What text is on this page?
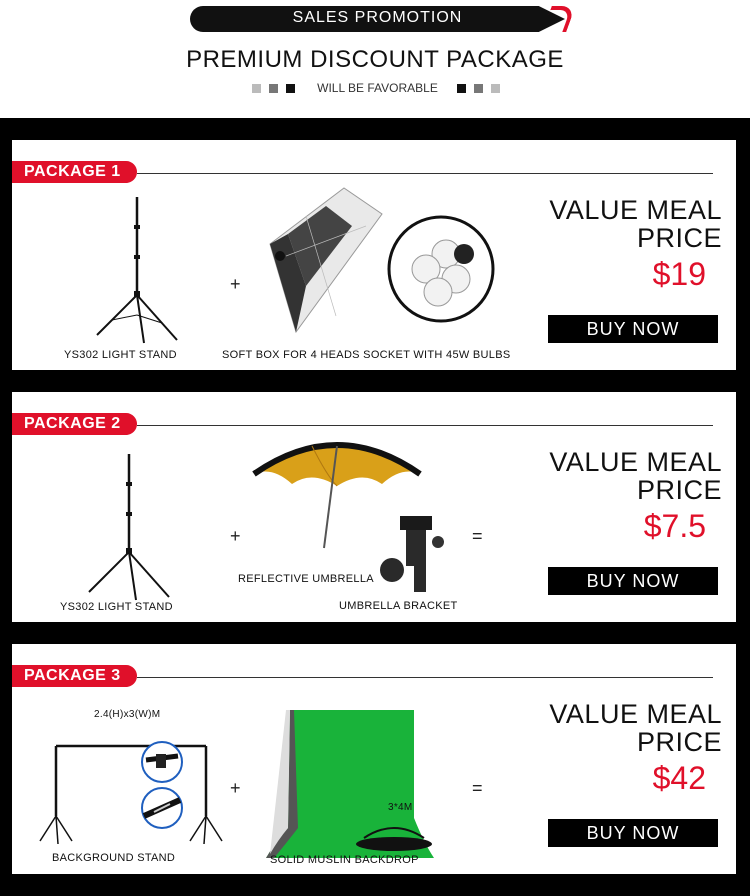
SALES PROMOTION
PREMIUM DISCOUNT PACKAGE
WILL BE FAVORABLE
PACKAGE 1
YS302 LIGHT STAND
+
SOFT BOX FOR 4 HEADS SOCKET WITH 45W BULBS
VALUE MEAL
PRICE
$19
BUY NOW
PACKAGE 2
YS302 LIGHT STAND
+
REFLECTIVE UMBRELLA
UMBRELLA BRACKET
=
VALUE MEAL
PRICE
$7.5
BUY NOW
PACKAGE 3
2.4(H)x3(W)M
BACKGROUND STAND
+
3*4M
SOLID MUSLIN BACKDROP
=
VALUE MEAL
PRICE
$42
BUY NOW
